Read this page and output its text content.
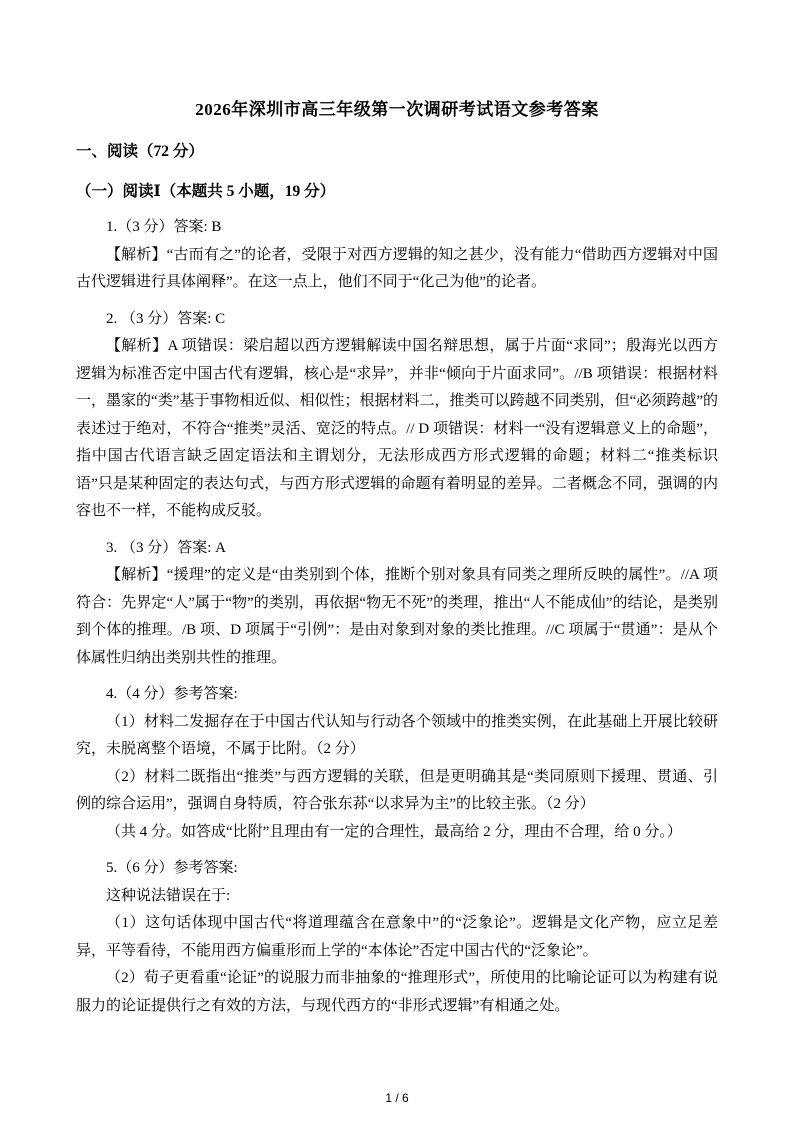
2026年深圳市高三年级第一次调研考试语文参考答案
一、阅读（72 分）
（一）阅读Ⅰ（本题共 5 小题，19 分）

1.（3 分）答案: B

【解析】“古而有之”的论者，受限于对西方逻辑的知之甚少，没有能力“借助西方逻辑对中国古代逻辑进行具体阐释”。在这一点上，他们不同于“化己为他”的论者。

2. （3 分）答案: C

【解析】A 项错误：梁启超以西方逻辑解读中国名辩思想，属于片面“求同”；殷海光以西方逻辑为标准否定中国古代有逻辑，核心是“求异”，并非“倾向于片面求同”。//B 项错误：根据材料一，墨家的“类”基于事物相近似、相似性；根据材料二，推类可以跨越不同类别，但“必须跨越”的表述过于绝对，不符合“推类”灵活、宽泛的特点。// D 项错误：材料一“没有逻辑意义上的命题”，指中国古代语言缺乏固定语法和主谓划分，无法形成西方形式逻辑的命题；材料二“推类标识语”只是某种固定的表达句式，与西方形式逻辑的命题有着明显的差异。二者概念不同，强调的内容也不一样，不能构成反驳。

3. （3 分）答案: A

【解析】“援理”的定义是“由类别到个体，推断个别对象具有同类之理所反映的属性”。//A 项符合：先界定“人”属于“物”的类别，再依据“物无不死”的类理，推出“人不能成仙”的结论，是类别到个体的推理。/B 项、D 项属于“引例”：是由对象到对象的类比推理。//C 项属于“贯通”：是从个体属性归纳出类别共性的推理。

4.（4 分）参考答案:

（1）材料二发掘存在于中国古代认知与行动各个领域中的推类实例，在此基础上开展比较研究，未脱离整个语境，不属于比附。（2 分）

（2）材料二既指出“推类”与西方逻辑的关联，但是更明确其是“类同原则下援理、贯通、引例的综合运用”，强调自身特质，符合张东荪“以求异为主”的比较主张。（2 分）

（共 4 分。如答成“比附”且理由有一定的合理性，最高给 2 分，理由不合理，给 0 分。）

5.（6 分）参考答案:

这种说法错误在于:

（1）这句话体现中国古代“将道理蕴含在意象中”的“泛象论”。逻辑是文化产物，应立足差异，平等看待，不能用西方偏重形而上学的“本体论”否定中国古代的“泛象论”。

（2）荀子更看重“论证”的说服力而非抽象的“推理形式”，所使用的比喻论证可以为构建有说服力的论证提供行之有效的方法，与现代西方的“非形式逻辑”有相通之处。

1 / 6
